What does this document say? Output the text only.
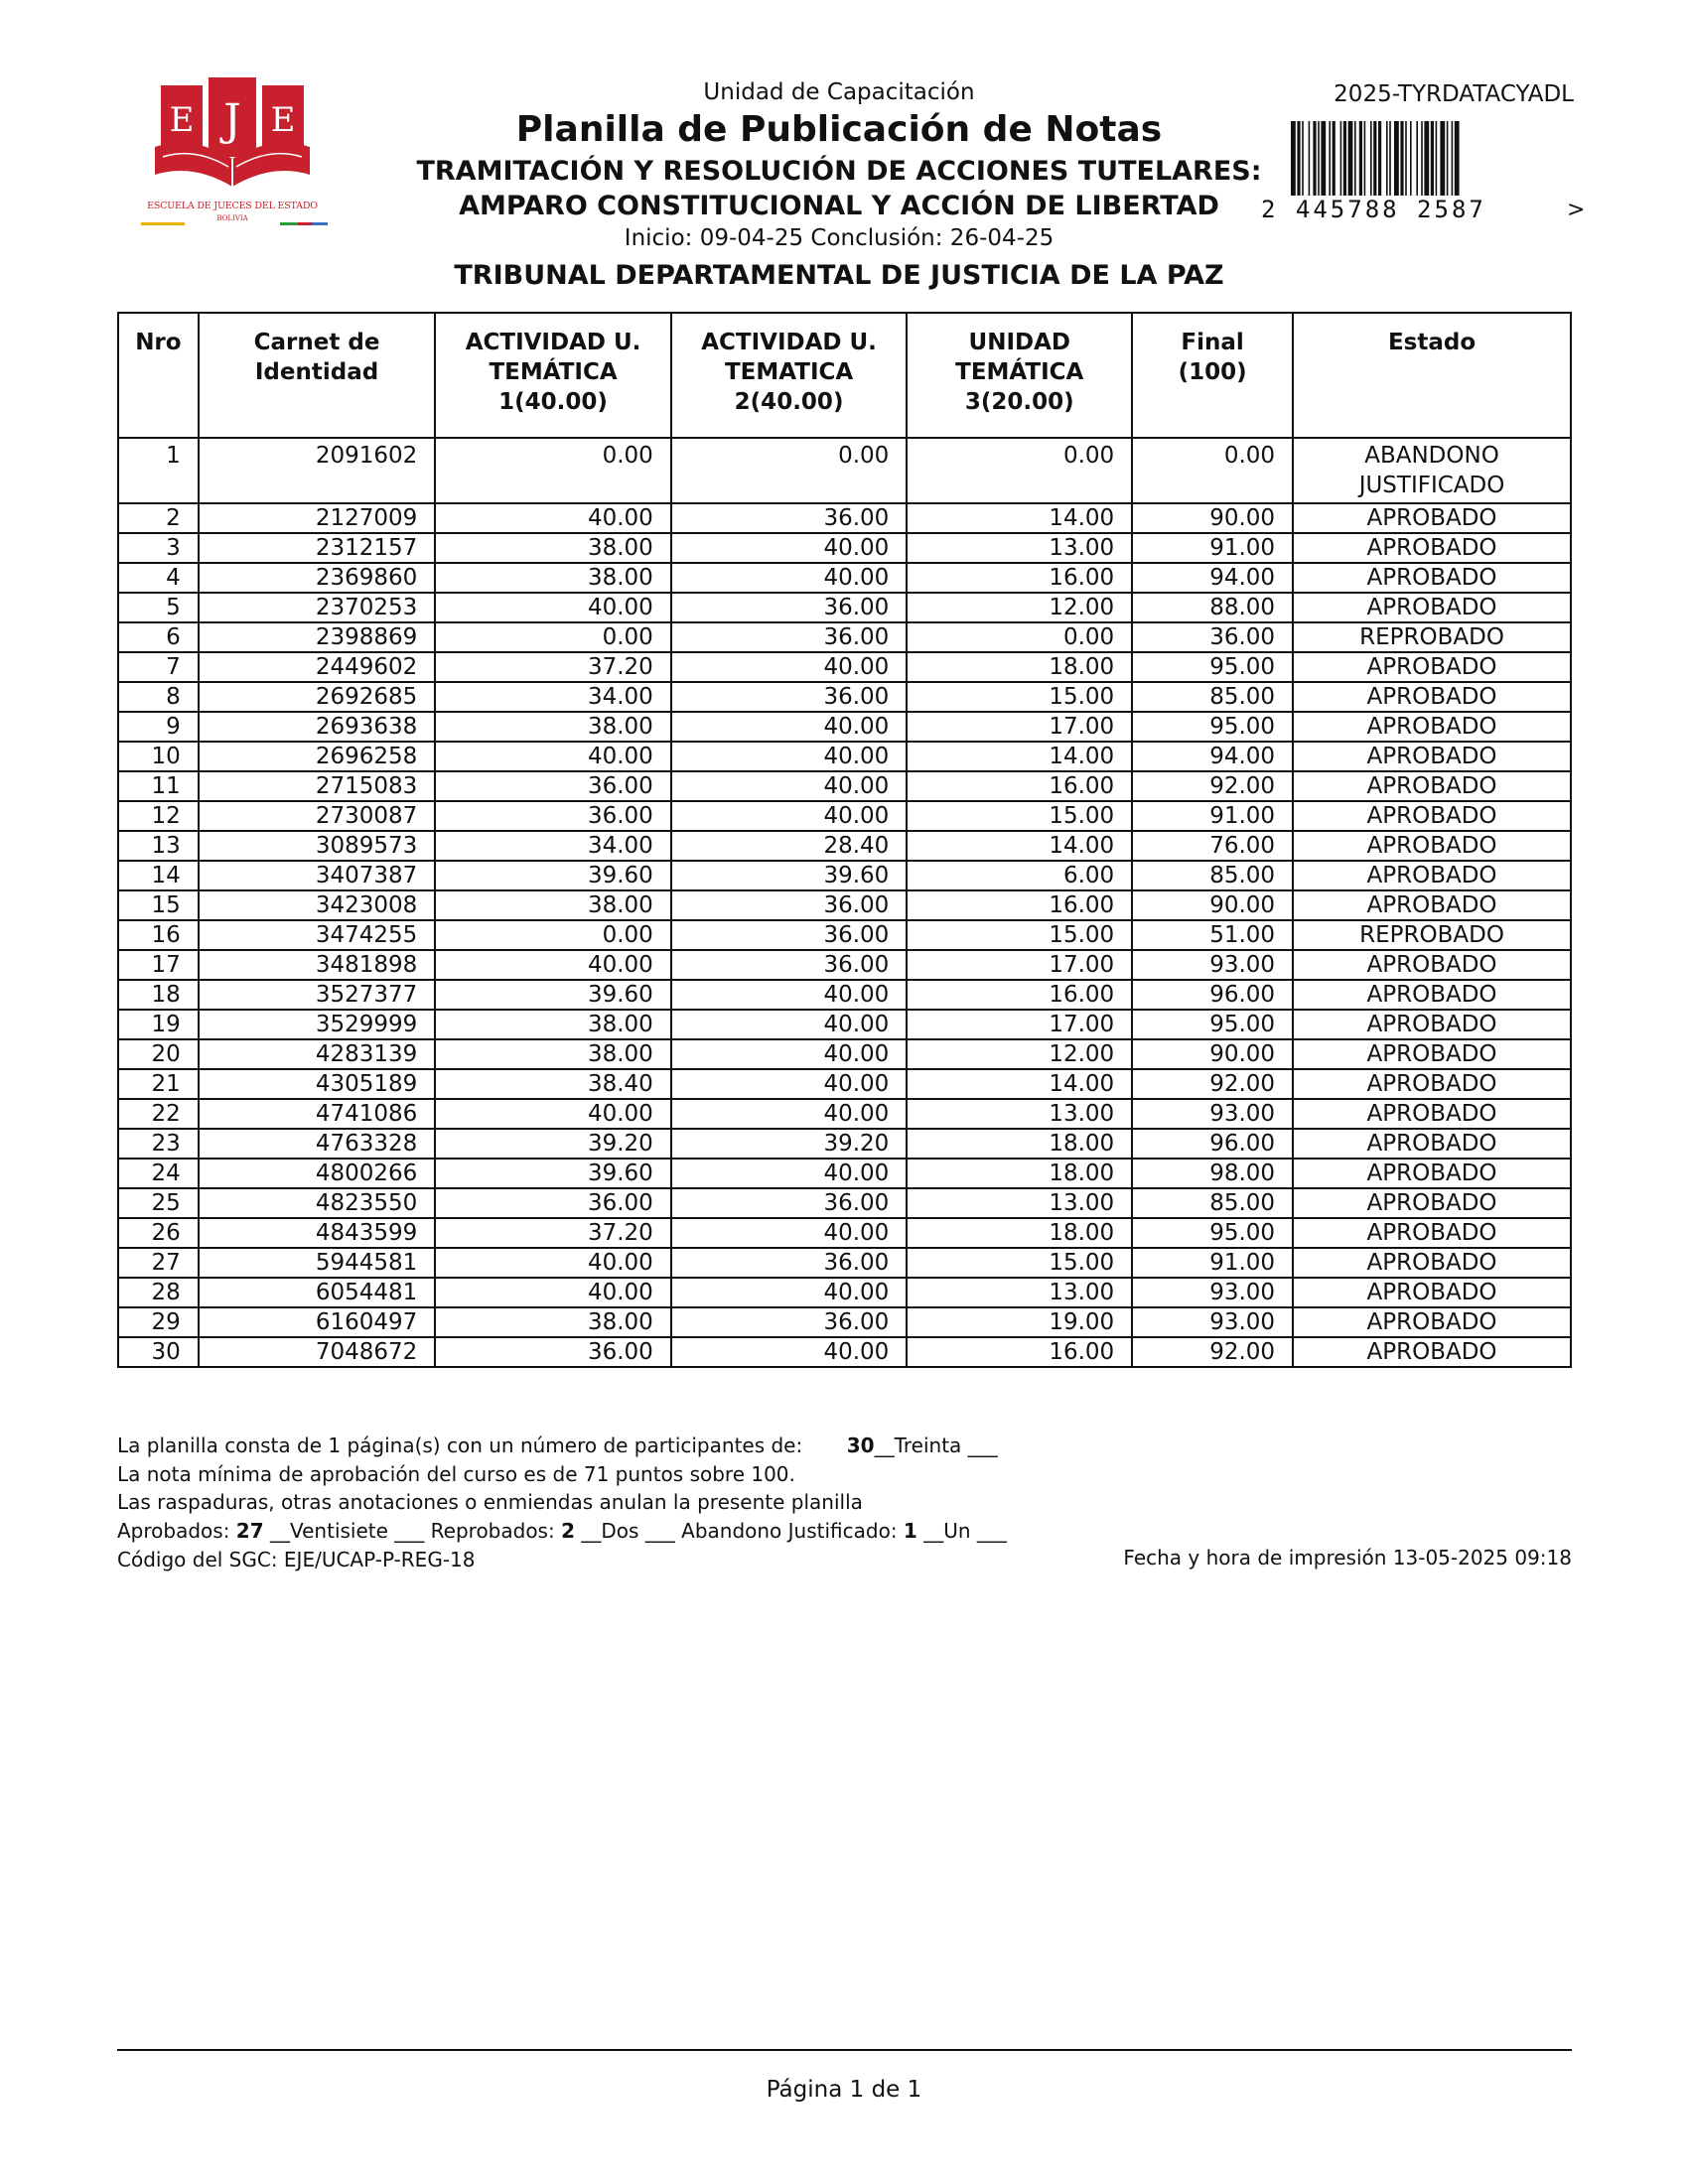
E J E
ESCUELA DE JUECES DEL ESTADO
BOLIVIA
Unidad de Capacitación
Planilla de Publicación de Notas
TRAMITACIÓN Y RESOLUCIÓN DE ACCIONES TUTELARES:
AMPARO CONSTITUCIONAL Y ACCIÓN DE LIBERTAD
Inicio: 09-04-25 Conclusión: 26-04-25
TRIBUNAL DEPARTAMENTAL DE JUSTICIA DE LA PAZ
2025-TYRDATACYADL
2 445788 2587	>
Nro	Carnet de Identidad	ACTIVIDAD U. TEMÁTICA 1(40.00)	ACTIVIDAD U. TEMATICA 2(40.00)	UNIDAD TEMÁTICA 3(20.00)	Final (100)	Estado
1	2091602	0.00	0.00	0.00	0.00	ABANDONO JUSTIFICADO
2	2127009	40.00	36.00	14.00	90.00	APROBADO
3	2312157	38.00	40.00	13.00	91.00	APROBADO
4	2369860	38.00	40.00	16.00	94.00	APROBADO
5	2370253	40.00	36.00	12.00	88.00	APROBADO
6	2398869	0.00	36.00	0.00	36.00	REPROBADO
7	2449602	37.20	40.00	18.00	95.00	APROBADO
8	2692685	34.00	36.00	15.00	85.00	APROBADO
9	2693638	38.00	40.00	17.00	95.00	APROBADO
10	2696258	40.00	40.00	14.00	94.00	APROBADO
11	2715083	36.00	40.00	16.00	92.00	APROBADO
12	2730087	36.00	40.00	15.00	91.00	APROBADO
13	3089573	34.00	28.40	14.00	76.00	APROBADO
14	3407387	39.60	39.60	6.00	85.00	APROBADO
15	3423008	38.00	36.00	16.00	90.00	APROBADO
16	3474255	0.00	36.00	15.00	51.00	REPROBADO
17	3481898	40.00	36.00	17.00	93.00	APROBADO
18	3527377	39.60	40.00	16.00	96.00	APROBADO
19	3529999	38.00	40.00	17.00	95.00	APROBADO
20	4283139	38.00	40.00	12.00	90.00	APROBADO
21	4305189	38.40	40.00	14.00	92.00	APROBADO
22	4741086	40.00	40.00	13.00	93.00	APROBADO
23	4763328	39.20	39.20	18.00	96.00	APROBADO
24	4800266	39.60	40.00	18.00	98.00	APROBADO
25	4823550	36.00	36.00	13.00	85.00	APROBADO
26	4843599	37.20	40.00	18.00	95.00	APROBADO
27	5944581	40.00	36.00	15.00	91.00	APROBADO
28	6054481	40.00	40.00	13.00	93.00	APROBADO
29	6160497	38.00	36.00	19.00	93.00	APROBADO
30	7048672	36.00	40.00	16.00	92.00	APROBADO
La planilla consta de 1 página(s) con un número de participantes de: 30__Treinta ___
La nota mínima de aprobación del curso es de 71 puntos sobre 100.
Las raspaduras, otras anotaciones o enmiendas anulan la presente planilla
Aprobados: 27 __Ventisiete ___ Reprobados: 2 __Dos ___ Abandono Justificado: 1 __Un ___
Código del SGC: EJE/UCAP-P-REG-18	Fecha y hora de impresión 13-05-2025 09:18
Página 1 de 1
